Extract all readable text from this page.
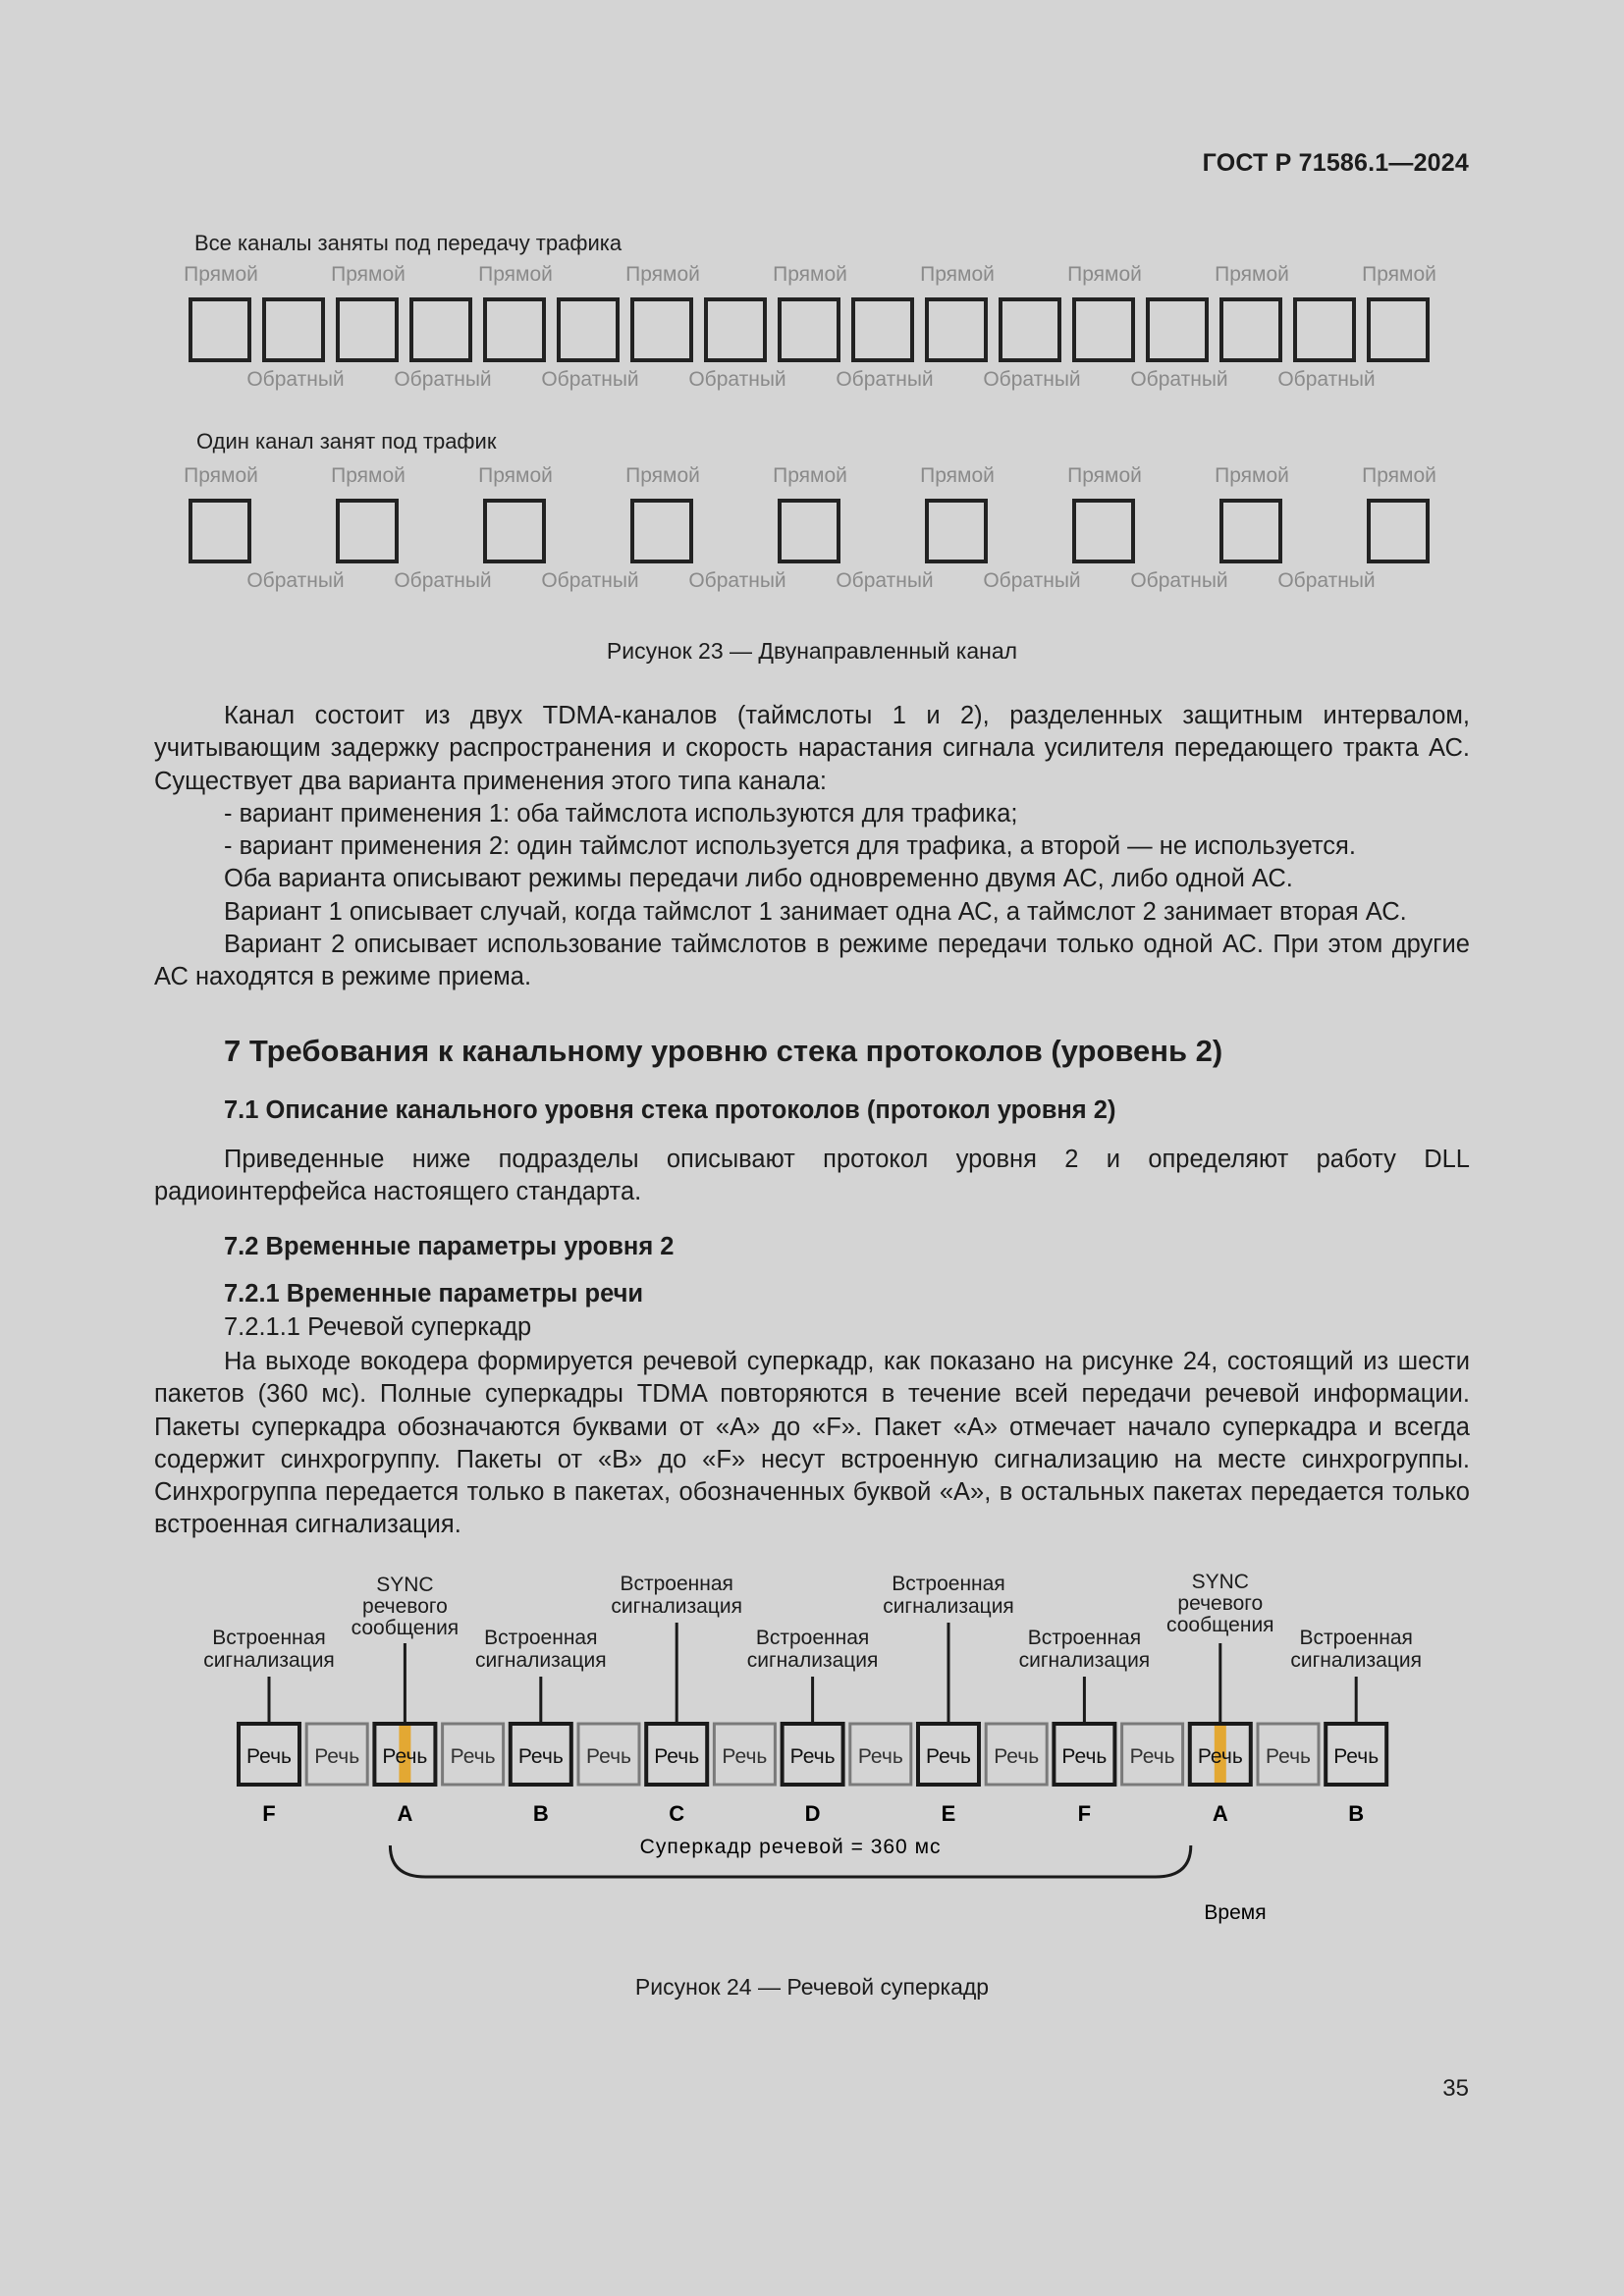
ГОСТ Р 71586.1—2024
Все каналы заняты под передачу трафика
Прямой	Прямой	Прямой	Прямой	Прямой	Прямой	Прямой	Прямой	Прямой
Обратный Обратный Обратный Обратный Обратный Обратный Обратный Обратный
Один канал занят под трафик
Прямой	Прямой	Прямой	Прямой	Прямой	Прямой	Прямой	Прямой	Прямой
Обратный Обратный Обратный Обратный Обратный Обратный Обратный Обратный
Рисунок 23 — Двунаправленный канал

Канал состоит из двух TDMA-каналов (таймслоты 1 и 2), разделенных защитным интервалом, учитывающим задержку распространения и скорость нарастания сигнала усилителя передающего тракта АС. Существует два варианта применения этого типа канала:

- вариант применения 1: оба таймслота используются для трафика;

- вариант применения 2: один таймслот используется для трафика, а второй — не используется.

Оба варианта описывают режимы передачи либо одновременно двумя АС, либо одной АС.

Вариант 1 описывает случай, когда таймслот 1 занимает одна АС, а таймслот 2 занимает вторая АС.

Вариант 2 описывает использование таймслотов в режиме передачи только одной АС. При этом другие АС находятся в режиме приема.

7 Требования к канальному уровню стека протоколов (уровень 2)
7.1 Описание канального уровня стека протоколов (протокол уровня 2)

Приведенные ниже подразделы описывают протокол уровня 2 и определяют работу DLL радиоинтерфейса настоящего стандарта.

7.2 Временные параметры уровня 2
7.2.1 Временные параметры речи
7.2.1.1 Речевой суперкадр

На выходе вокодера формируется речевой суперкадр, как показано на рисунке 24, состоящий из шести пакетов (360 мс). Полные суперкадры TDMA повторяются в течение всей передачи речевой информации. Пакеты суперкадра обозначаются буквами от «A» до «F». Пакет «A» отмечает начало суперкадра и всегда содержит синхрогруппу. Пакеты от «B» до «F» несут встроенную сигнализацию на месте синхрогруппы. Синхрогруппа передается только в пакетах, обозначенных буквой «A», в остальных пакетах передается только встроенная сигнализация.

Речь Речь Речь Речь Речь Речь Речь Речь Речь Речь Речь Речь Речь Речь Речь Речь Речь
F	A	B	C	D	E	F	A	B
Встроенная
сигнализация
SYNC
речевого
сообщения Встроенная
сигнализация
Встроенная
сигнализация
Встроенная
сигнализация
Встроенная
сигнализация
Встроенная
сигнализация
SYNC
речевого
сообщения
Встроенная
сигнализация
Суперкадр речевой = 360 мс
Время
Рисунок 24 — Речевой суперкадр
35
